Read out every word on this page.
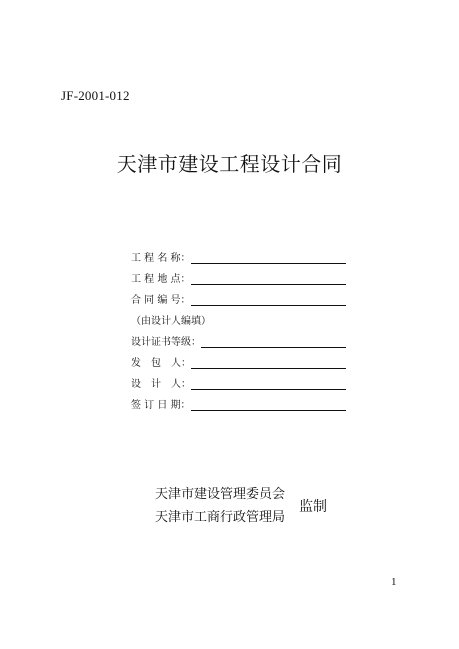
JF-2001-012
天津市建设工程设计合同
工 程 名 称：
工 程 地 点：
合 同 编 号：
（由设计人编填）
设计证书等级：
发　包　人：
设　计　人：
签 订 日 期：
天津市建设管理委员会
天津市工商行政管理局
监制
1
